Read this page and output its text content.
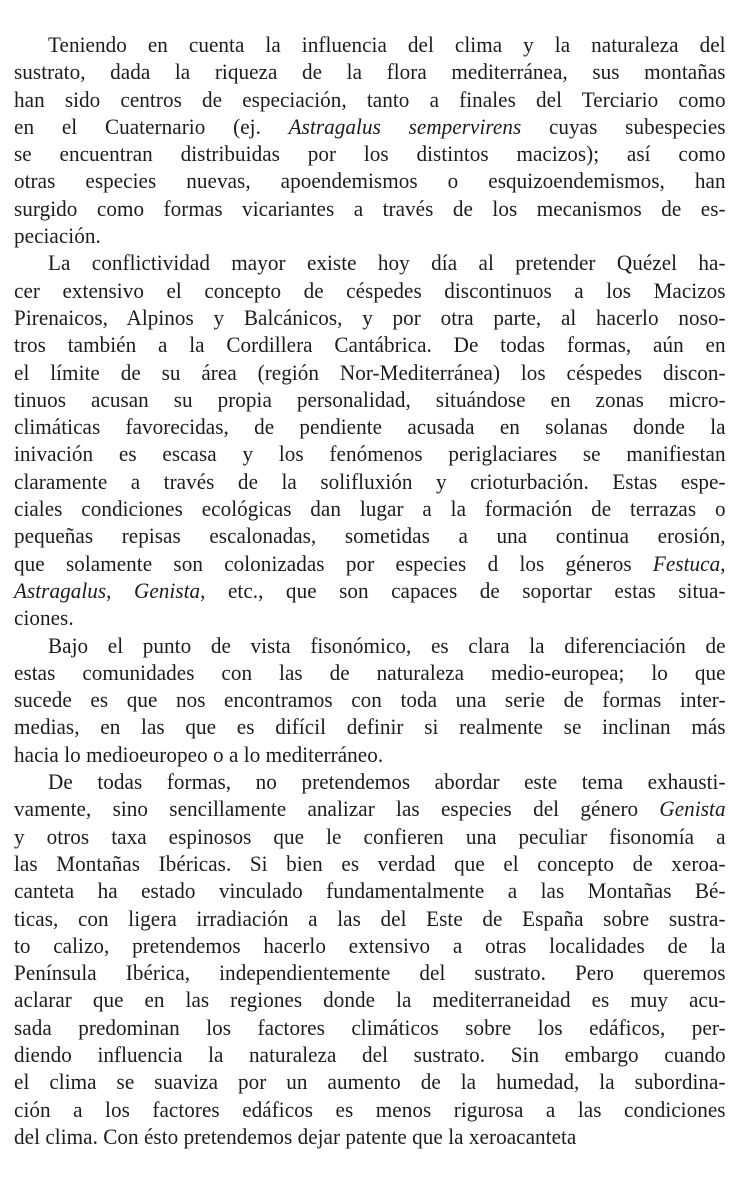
Teniendo en cuenta la influencia del clima y la naturaleza del
sustrato, dada la riqueza de la flora mediterránea, sus montañas
han sido centros de especiación, tanto a finales del Terciario como
en el Cuaternario (ej. Astragalus sempervirens cuyas subespecies
se encuentran distribuidas por los distintos macizos); así como
otras especies nuevas, apoendemismos o esquizoendemismos, han
surgido como formas vicariantes a través de los mecanismos de es-
peciación.
La conflictividad mayor existe hoy día al pretender Quézel ha-
cer extensivo el concepto de céspedes discontinuos a los Macizos
Pirenaicos, Alpinos y Balcánicos, y por otra parte, al hacerlo noso-
tros también a la Cordillera Cantábrica. De todas formas, aún en
el límite de su área (región Nor-Mediterránea) los céspedes discon-
tinuos acusan su propia personalidad, situándose en zonas micro-
climáticas favorecidas, de pendiente acusada en solanas donde la
inivación es escasa y los fenómenos periglaciares se manifiestan
claramente a través de la solifluxión y crioturbación. Estas espe-
ciales condiciones ecológicas dan lugar a la formación de terrazas o
pequeñas repisas escalonadas, sometidas a una continua erosión,
que solamente son colonizadas por especies d los géneros Festuca,
Astragalus, Genista, etc., que son capaces de soportar estas situa-
ciones.
Bajo el punto de vista fisonómico, es clara la diferenciación de
estas comunidades con las de naturaleza medio-europea; lo que
sucede es que nos encontramos con toda una serie de formas inter-
medias, en las que es difícil definir si realmente se inclinan más
hacia lo medioeuropeo o a lo mediterráneo.
De todas formas, no pretendemos abordar este tema exhausti-
vamente, sino sencillamente analizar las especies del género Genista
y otros taxa espinosos que le confieren una peculiar fisonomía a
las Montañas Ibéricas. Si bien es verdad que el concepto de xeroa-
canteta ha estado vinculado fundamentalmente a las Montañas Bé-
ticas, con ligera irradiación a las del Este de España sobre sustra-
to calizo, pretendemos hacerlo extensivo a otras localidades de la
Península Ibérica, independientemente del sustrato. Pero queremos
aclarar que en las regiones donde la mediterraneidad es muy acu-
sada predominan los factores climáticos sobre los edáficos, per-
diendo influencia la naturaleza del sustrato. Sin embargo cuando
el clima se suaviza por un aumento de la humedad, la subordina-
ción a los factores edáficos es menos rigurosa a las condiciones
del clima. Con ésto pretendemos dejar patente que la xeroacanteta
